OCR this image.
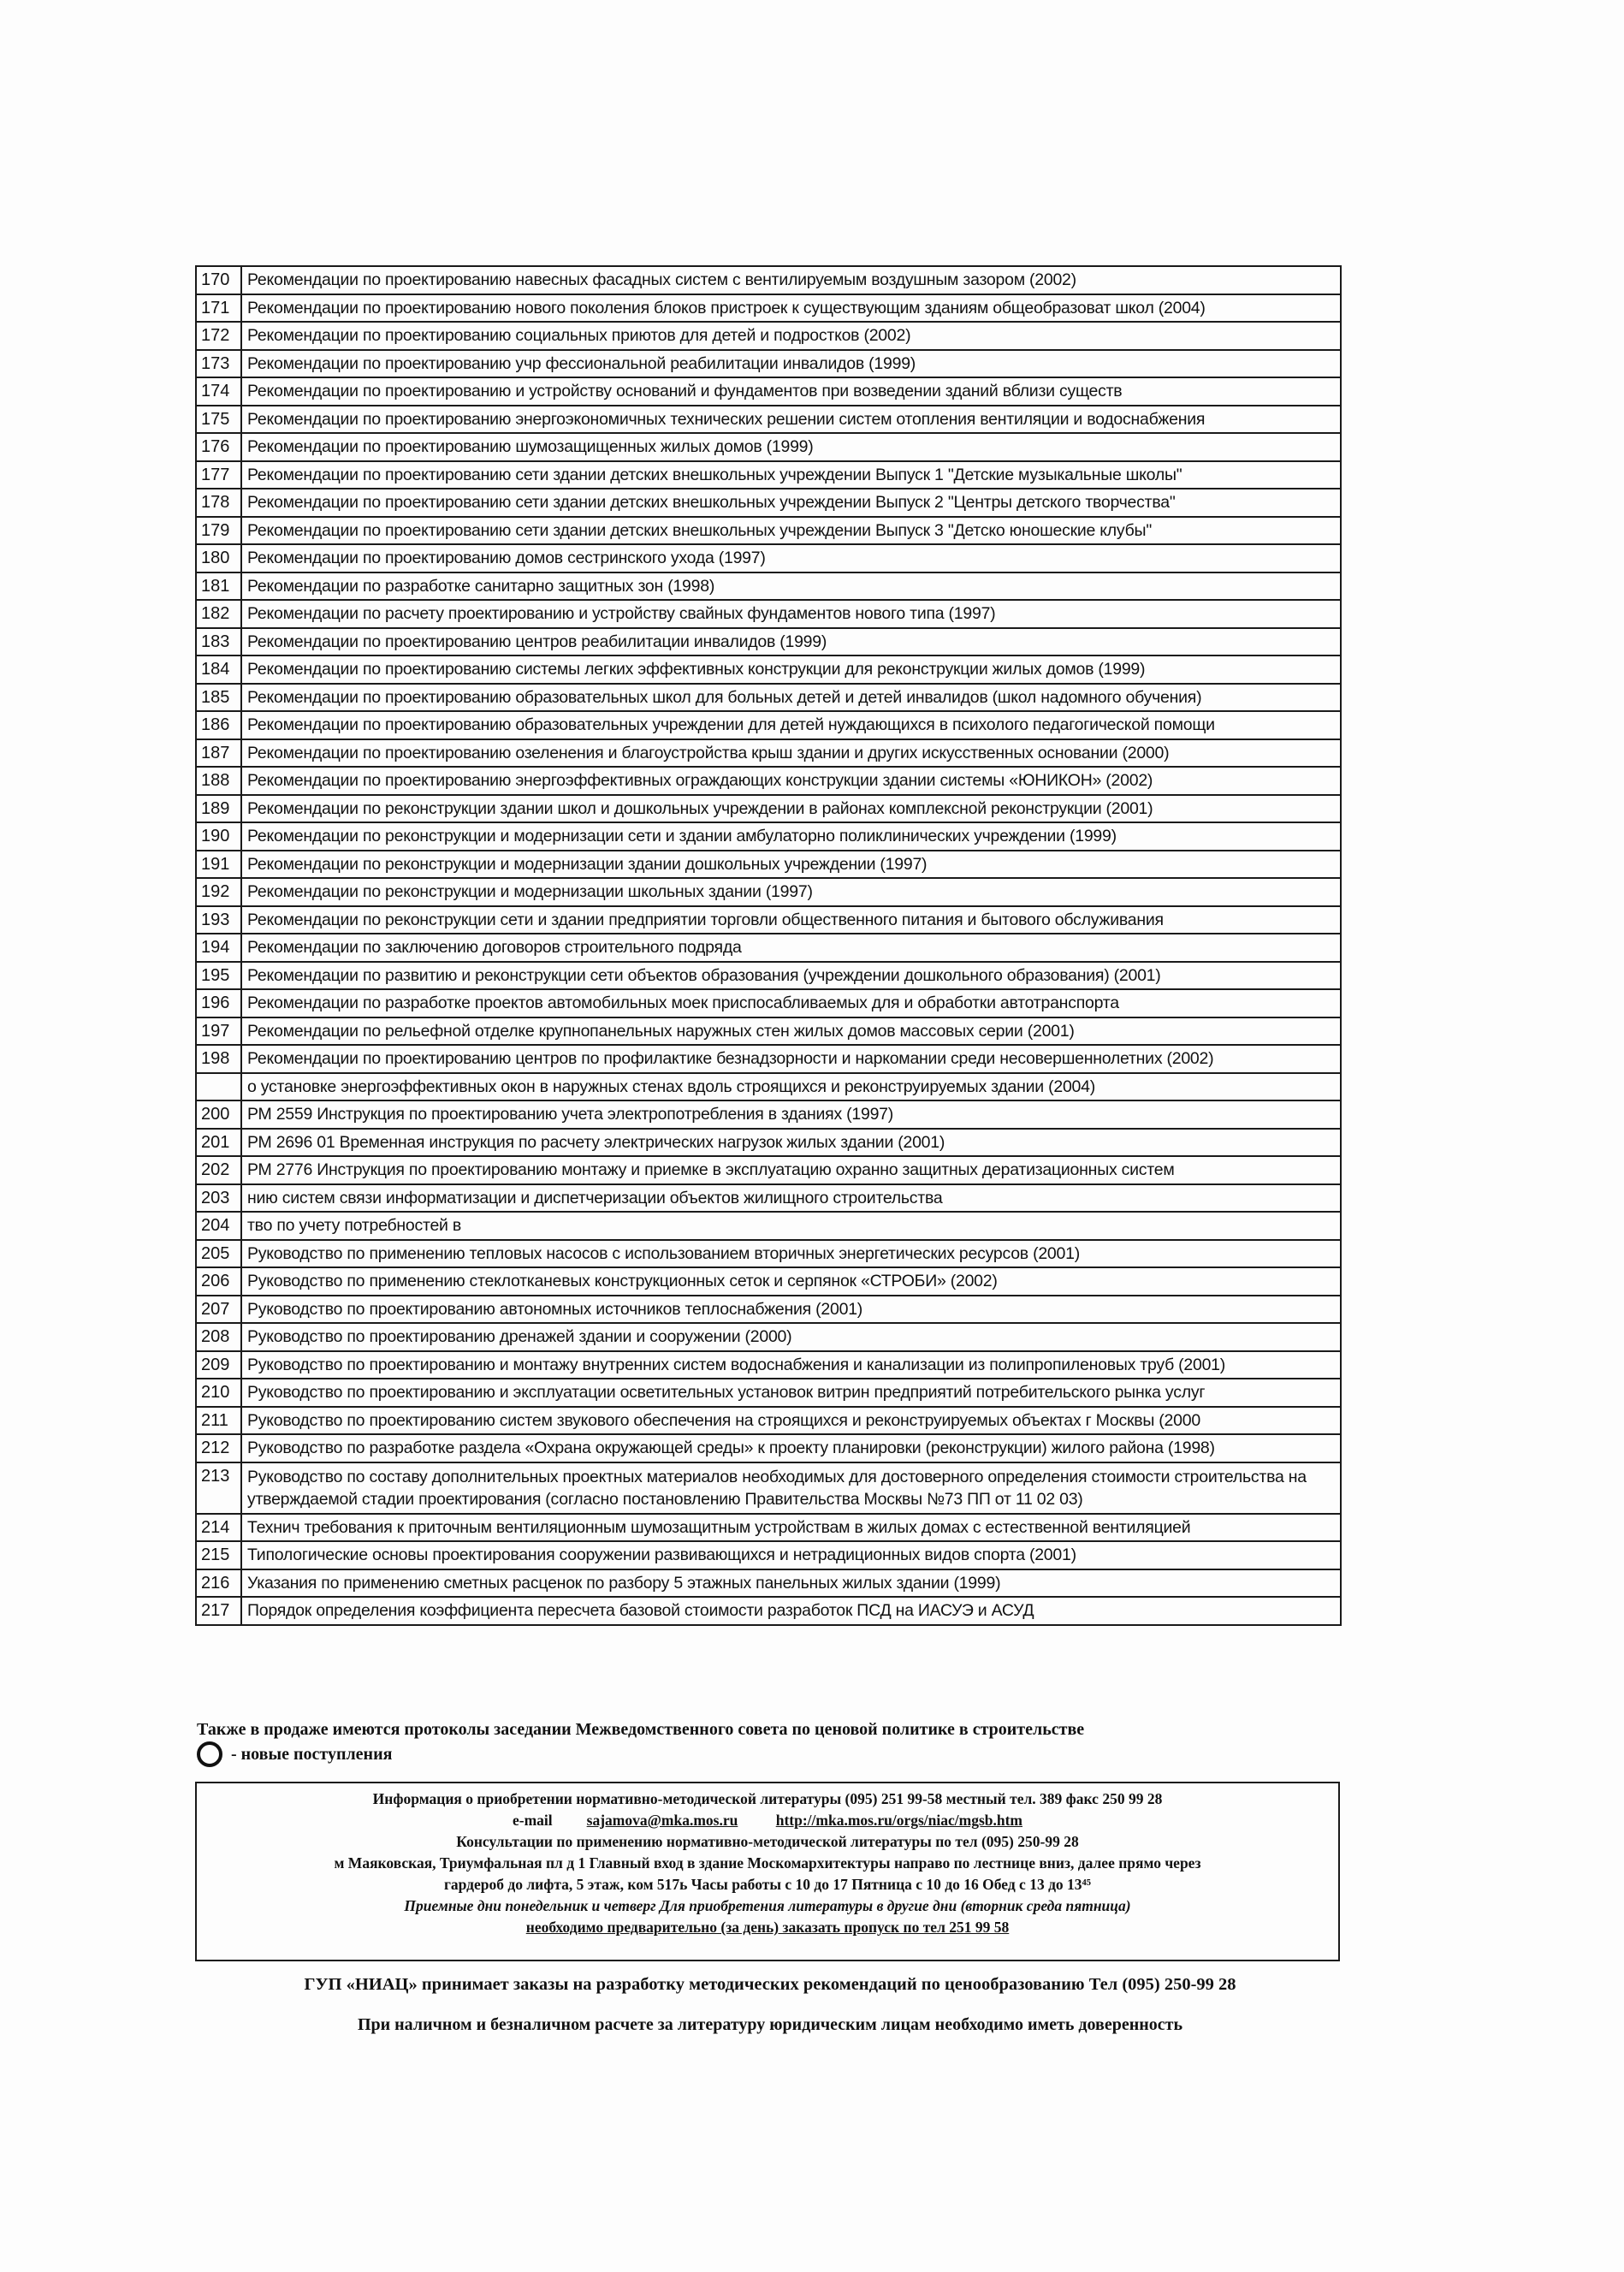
170	Рекомендации по проектированию навесных фасадных систем с вентилируемым воздушным зазором (2002)
171	Рекомендации по проектированию нового поколения блоков пристроек к существующим зданиям общеобразоват школ (2004)
172	Рекомендации по проектированию социальных приютов для детей и подростков (2002)
173	Рекомендации по проектированию учр фессиональной реабилитации инвалидов (1999)
174	Рекомендации по проектированию и устройству оснований и фундаментов при возведении зданий вблизи существ
175	Рекомендации по проектированию энергоэкономичных технических решении систем отопления вентиляции и водоснабжения
176	Рекомендации по проектированию шумозащищенных жилых домов (1999)
177	Рекомендации по проектированию сети здании детских внешкольных учреждении Выпуск 1 "Детские музыкальные школы"
178	Рекомендации по проектированию сети здании детских внешкольных учреждении Выпуск 2 "Центры детского творчества"
179	Рекомендации по проектированию сети здании детских внешкольных учреждении Выпуск 3 "Детско юношеские клубы"
180	Рекомендации по проектированию домов сестринского ухода (1997)
181	Рекомендации по разработке санитарно защитных зон (1998)
182	Рекомендации по расчету проектированию и устройству свайных фундаментов нового типа (1997)
183	Рекомендации по проектированию центров реабилитации инвалидов (1999)
184	Рекомендации по проектированию системы легких эффективных конструкции для реконструкции жилых домов (1999)
185	Рекомендации по проектированию образовательных школ для больных детей и детей инвалидов (школ надомного обучения)
186	Рекомендации по проектированию образовательных учреждении для детей нуждающихся в психолого педагогической помощи
187	Рекомендации по проектированию озеленения и благоустройства крыш здании и других искусственных основании (2000)
188	Рекомендации по проектированию энергоэффективных ограждающих конструкции здании системы «ЮНИКОН» (2002)
189	Рекомендации по реконструкции здании школ и дошкольных учреждении в районах комплексной реконструкции (2001)
190	Рекомендации по реконструкции и модернизации сети и здании амбулаторно поликлинических учреждении (1999)
191	Рекомендации по реконструкции и модернизации здании дошкольных учреждении (1997)
192	Рекомендации по реконструкции и модернизации школьных здании (1997)
193	Рекомендации по реконструкции сети и здании предприятии торговли общественного питания и бытового обслуживания
194	Рекомендации по заключению договоров строительного подряда
195	Рекомендации по развитию и реконструкции сети объектов образования (учреждении дошкольного образования) (2001)
196	Рекомендации по разработке проектов автомобильных моек приспосабливаемых для и обработки автотранспорта
197	Рекомендации по рельефной отделке крупнопанельных наружных стен жилых домов массовых серии (2001)
198	Рекомендации по проектированию центров по профилактике безнадзорности и наркомании среди несовершеннолетних (2002)
	о установке энергоэффективных окон в наружных стенах вдоль строящихся и реконструируемых здании (2004)
200	РМ 2559 Инструкция по проектированию учета электропотребления в зданиях (1997)
201	РМ 2696 01 Временная инструкция по расчету электрических нагрузок жилых здании (2001)
202	РМ 2776 Инструкция по проектированию монтажу и приемке в эксплуатацию охранно защитных дератизационных систем
203	нию систем связи информатизации и диспетчеризации объектов жилищного строительства
204	тво по учету потребностей в
205	Руководство по применению тепловых насосов с использованием вторичных энергетических ресурсов (2001)
206	Руководство по применению стеклотканевых конструкционных сеток и серпянок «СТРОБИ» (2002)
207	Руководство по проектированию автономных источников теплоснабжения (2001)
208	Руководство по проектированию дренажей здании и сооружении (2000)
209	Руководство по проектированию и монтажу внутренних систем водоснабжения и канализации из полипропиленовых труб (2001)
210	Руководство по проектированию и эксплуатации осветительных установок витрин предприятий потребительского рынка услуг
211	Руководство по проектированию систем звукового обеспечения на строящихся и реконструируемых объектах г Москвы (2000
212	Руководство по разработке раздела «Охрана окружающей среды» к проекту планировки (реконструкции) жилого района (1998)
213	Руководство по составу дополнительных проектных материалов необходимых для достоверного определения стоимости строительства на утверждаемой стадии проектирования (согласно постановлению Правительства Москвы №73 ПП от 11 02 03)
214	Технич требования к приточным вентиляционным шумозащитным устройствам в жилых домах с естественной вентиляцией
215	Типологические основы проектирования сооружении развивающихся и нетрадиционных видов спорта (2001)
216	Указания по применению сметных расценок по разбору 5 этажных панельных жилых здании (1999)
217	Порядок определения коэффициента пересчета базовой стоимости разработок ПСД на ИАСУЭ и АСУД
Также в продаже имеются протоколы заседании Межведомственного совета по ценовой политике в строительстве
- новые поступления
Информация о приобретении нормативно-методической литературы (095) 251 99-58 местный тел. 389 факс 250 99 28
e-mail sajamova@mka.mos.ru	http://mka.mos.ru/orgs/niac/mgsb.htm
Консультации по применению нормативно-методической литературы по тел (095) 250-99 28
м Маяковская, Триумфальная пл д 1 Главный вход в здание Москомархитектуры направо по лестнице вниз, далее прямо через
гардероб до лифта, 5 этаж, ком 517ь Часы работы с 10 до 17 Пятница с 10 до 16 Обед с 13 до 13⁴⁵
Приемные дни понедельник и четверг Для приобретения литературы в другие дни (вторник среда пятница)
необходимо предварительно (за день) заказать пропуск по тел 251 99 58
ГУП «НИАЦ» принимает заказы на разработку методических рекомендаций по ценообразованию Тел (095) 250-99 28
При наличном и безналичном расчете за литературу юридическим лицам необходимо иметь доверенность
